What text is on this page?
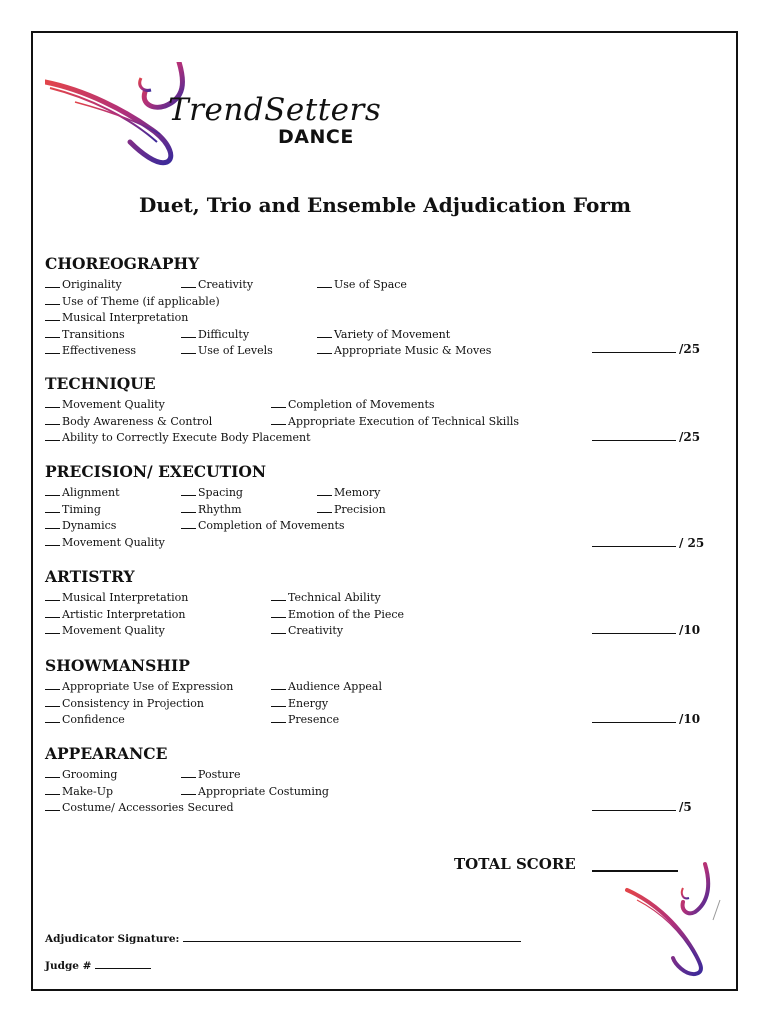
TrendSetters
DANCE
Duet, Trio and Ensemble Adjudication Form
CHOREOGRAPHY
Originality	Creativity	Use of Space
Use of Theme (if applicable)
Musical Interpretation
Transitions	Difficulty	Variety of Movement
Effectiveness	Use of Levels	Appropriate Music & Moves	/25
TECHNIQUE
Movement Quality	Completion of Movements
Body Awareness & Control	Appropriate Execution of Technical Skills
Ability to Correctly Execute Body Placement	/25
PRECISION/ EXECUTION
Alignment	Spacing	Memory
Timing	Rhythm	Precision
Dynamics	Completion of Movements
Movement Quality	/ 25
ARTISTRY
Musical Interpretation	Technical Ability
Artistic Interpretation	Emotion of the Piece
Movement Quality	Creativity	/10
SHOWMANSHIP
Appropriate Use of Expression	Audience Appeal
Consistency in Projection	Energy
Confidence	Presence	/10
APPEARANCE
Grooming	Posture
Make-Up	Appropriate Costuming
Costume/ Accessories Secured	/5
TOTAL SCORE
Adjudicator Signature:
Judge #
